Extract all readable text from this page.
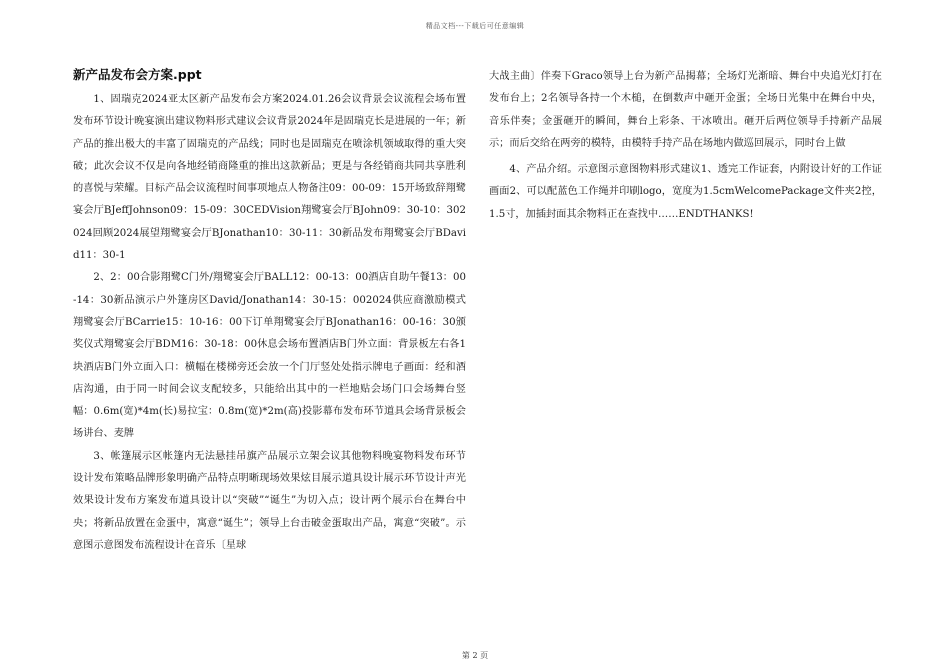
精品文档---下载后可任意编辑
新产品发布会方案.ppt

1、固瑞克2024亚太区新产品发布会方案2024.01.26会议背景会议流程会场布置发布环节设计晚宴演出建议物料形式建议会议背景2024年是固瑞克长是进展的一年；新产品的推出极大的丰富了固瑞克的产品线；同时也是固瑞克在喷涂机领域取得的重大突破；此次会议不仅是向各地经销商隆重的推出这款新品；更是与各经销商共同共享胜利的喜悦与荣耀。目标产品会议流程时间事项地点人物备注09：00-09：15开场致辞翔鹭宴会厅BJeffJohnson09：15-09：30CEDVision翔鹭宴会厅BJohn09：30-10：302024回顾2024展望翔鹭宴会厅BJonathan10：30-11：30新品发布翔鹭宴会厅BDavid11：30-1

2、2：00合影翔鹭C门外/翔鹭宴会厅BALL12：00-13：00酒店自助午餐13：00-14：30新品演示户外篷房区David/Jonathan14：30-15：002024供应商激励模式翔鹭宴会厅BCarrie15：10-16：00下订单翔鹭宴会厅BJonathan16：00-16：30颁奖仪式翔鹭宴会厅BDM16：30-18：00休息会场布置酒店B门外立面：背景板左右各1块酒店B门外立面入口：横幅在楼梯旁还会放一个门厅竖处处指示牌电子画面：经和酒店沟通，由于同一时间会议支配较多，只能给出其中的一栏地贴会场门口会场舞台竖幅：0.6m(宽)*4m(长)易拉宝：0.8m(宽)*2m(高)投影幕布发布环节道具会场背景板会场讲台、麦牌

3、帐篷展示区帐篷内无法悬挂吊旗产品展示立架会议其他物料晚宴物料发布环节设计发布策略品牌形象明确产品特点明晰现场效果炫目展示道具设计展示环节设计声光效果设计发布方案发布道具设计以“突破”“诞生”为切入点；设计两个展示台在舞台中央；将新品放置在金蛋中，寓意“诞生”；领导上台击破金蛋取出产品，寓意“突破”。示意图示意图发布流程设计在音乐〔星球

大战主曲〕伴奏下Graco领导上台为新产品揭幕；全场灯光渐暗、舞台中央追光灯打在发布台上；2名领导各持一个木槌，在倒数声中砸开金蛋；全场日光集中在舞台中央，音乐伴奏；金蛋砸开的瞬间，舞台上彩条、干冰喷出。砸开后两位领导手持新产品展示；而后交给在两旁的模特，由模特手持产品在场地内做巡回展示，同时台上做

4、产品介绍。示意图示意图物料形式建议1、透完工作证套，内附设计好的工作证画面2、可以配蓝色工作绳并印刷logo，宽度为1.5cmWelcomePackage文件夹2控，1.5寸，加插封面其余物料正在查找中……ENDTHANKS!

第 2 页
